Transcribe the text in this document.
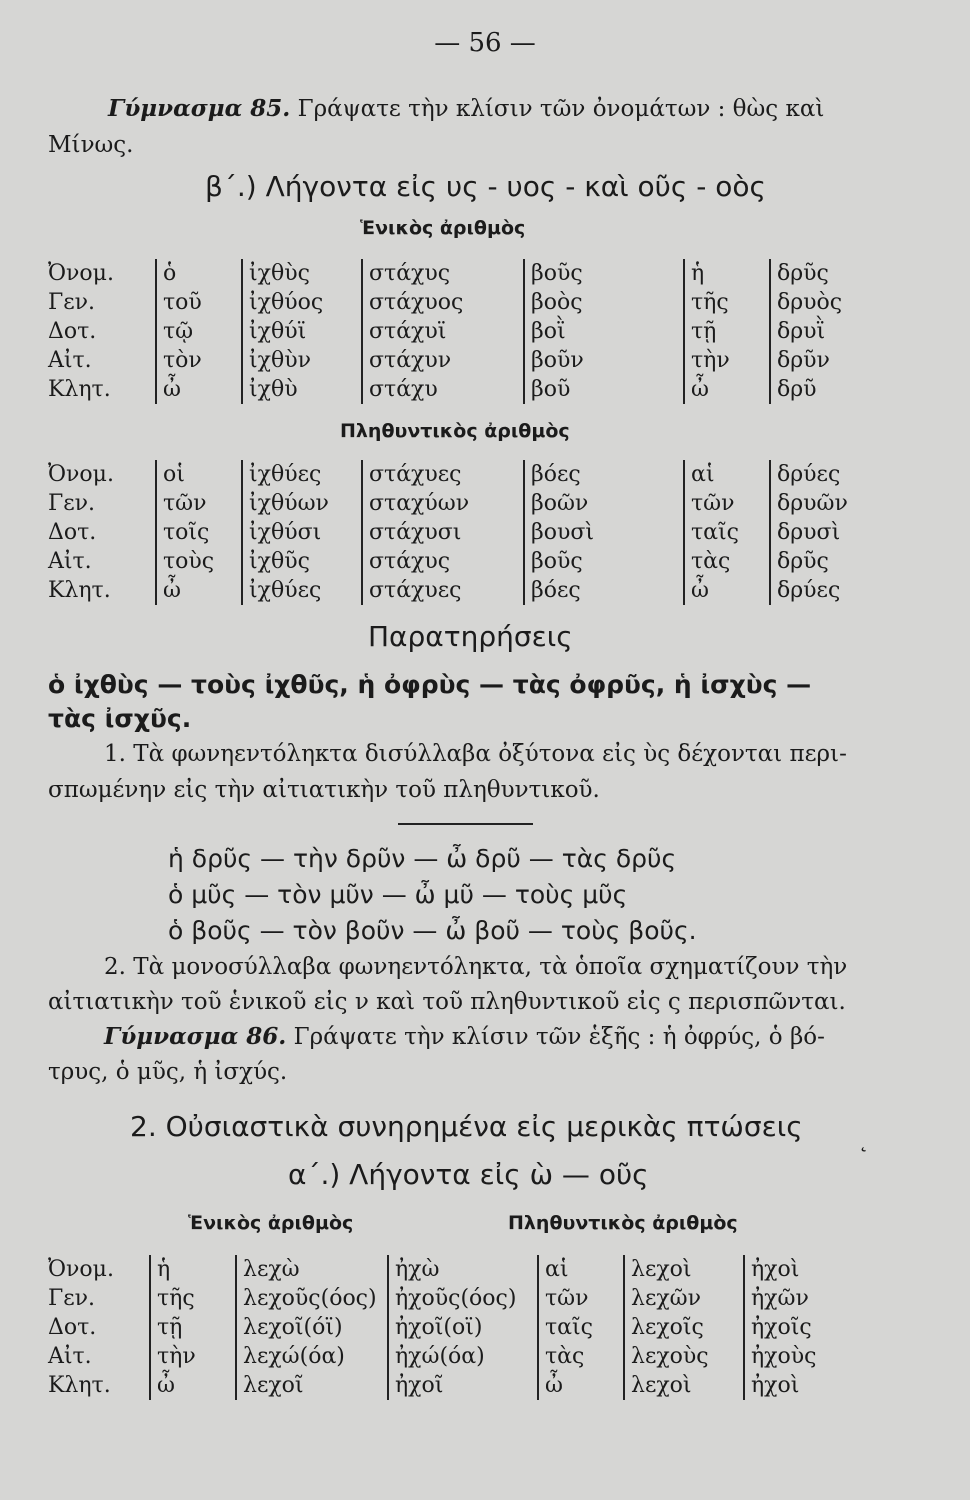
— 56 —
Γύμνασμα 85. Γράψατε τὴν κλίσιν τῶν ὀνομάτων : θὼς καὶ
Μίνως.
β΄.) Λήγοντα εἰς υς - υος - καὶ οῦς - οὸς
Ἑνικὸς ἀριθμὸς
Ὀνομ.	ὁ	ἰχθὺς	στάχυς	βοῦς	ἡ	δρῦς
Γεν.	τοῦ	ἰχθύος	στάχυος	βοὸς	τῆς	δρυὸς
Δοτ.	τῷ	ἰχθύϊ	στάχυϊ	βοῒ	τῇ	δρυῒ
Αἰτ.	τὸν	ἰχθὺν	στάχυν	βοῦν	τὴν	δρῦν
Κλητ.	ὦ	ἰχθὺ	στάχυ	βοῦ	ὦ	δρῦ
Πληθυντικὸς ἀριθμὸς
Ὀνομ.	οἱ	ἰχθύες	στάχυες	βόες	αἱ	δρύες
Γεν.	τῶν	ἰχθύων	σταχύων	βοῶν	τῶν	δρυῶν
Δοτ.	τοῖς	ἰχθύσι	στάχυσι	βουσὶ	ταῖς	δρυσὶ
Αἰτ.	τοὺς	ἰχθῦς	στάχυς	βοῦς	τὰς	δρῦς
Κλητ.	ὦ	ἰχθύες	στάχυες	βόες	ὦ	δρύες
Παρατηρήσεις
ὁ ἰχθὺς — τοὺς ἰχθῦς, ἡ ὀφρὺς — τὰς ὀφρῦς, ἡ ἰσχὺς —
τὰς ἰσχῦς.
1. Τὰ φωνηεντόληκτα δισύλλαβα ὀξύτονα εἰς ὺς δέχονται περι-
σπωμένην εἰς τὴν αἰτιατικὴν τοῦ πληθυντικοῦ.
ἡ δρῦς — τὴν δρῦν — ὦ δρῦ — τὰς δρῦς
ὁ μῦς — τὸν μῦν — ὦ μῦ — τοὺς μῦς
ὁ βοῦς — τὸν βοῦν — ὦ βοῦ — τοὺς βοῦς.
2. Τὰ μονοσύλλαβα φωνηεντόληκτα, τὰ ὁποῖα σχηματίζουν τὴν
αἰτιατικὴν τοῦ ἑνικοῦ εἰς ν καὶ τοῦ πληθυντικοῦ εἰς ς περισπῶνται.
Γύμνασμα 86. Γράψατε τὴν κλίσιν τῶν ἑξῆς : ἡ ὀφρύς, ὁ βό-
τρυς, ὁ μῦς, ἡ ἰσχύς.
2. Οὐσιαστικὰ συνηρημένα εἰς μερικὰς πτώσεις	˛
α΄.) Λήγοντα εἰς ὼ — οῦς
Ἑνικὸς ἀριθμὸς	Πληθυντικὸς ἀριθμὸς
Ὀνομ.	ἡ	λεχὼ	ἠχὼ	αἱ	λεχοὶ	ἠχοὶ
Γεν.	τῆς	λεχοῦς(όος)	ἠχοῦς(όος)	τῶν	λεχῶν	ἠχῶν
Δοτ.	τῇ	λεχοῖ(όϊ)	ἠχοῖ(οϊ)	ταῖς	λεχοῖς	ἠχοῖς
Αἰτ.	τὴν	λεχώ(όα)	ἠχώ(όα)	τὰς	λεχοὺς	ἠχοὺς
Κλητ.	ὦ	λεχοῖ	ἠχοῖ	ὦ	λεχοὶ	ἠχοὶ
